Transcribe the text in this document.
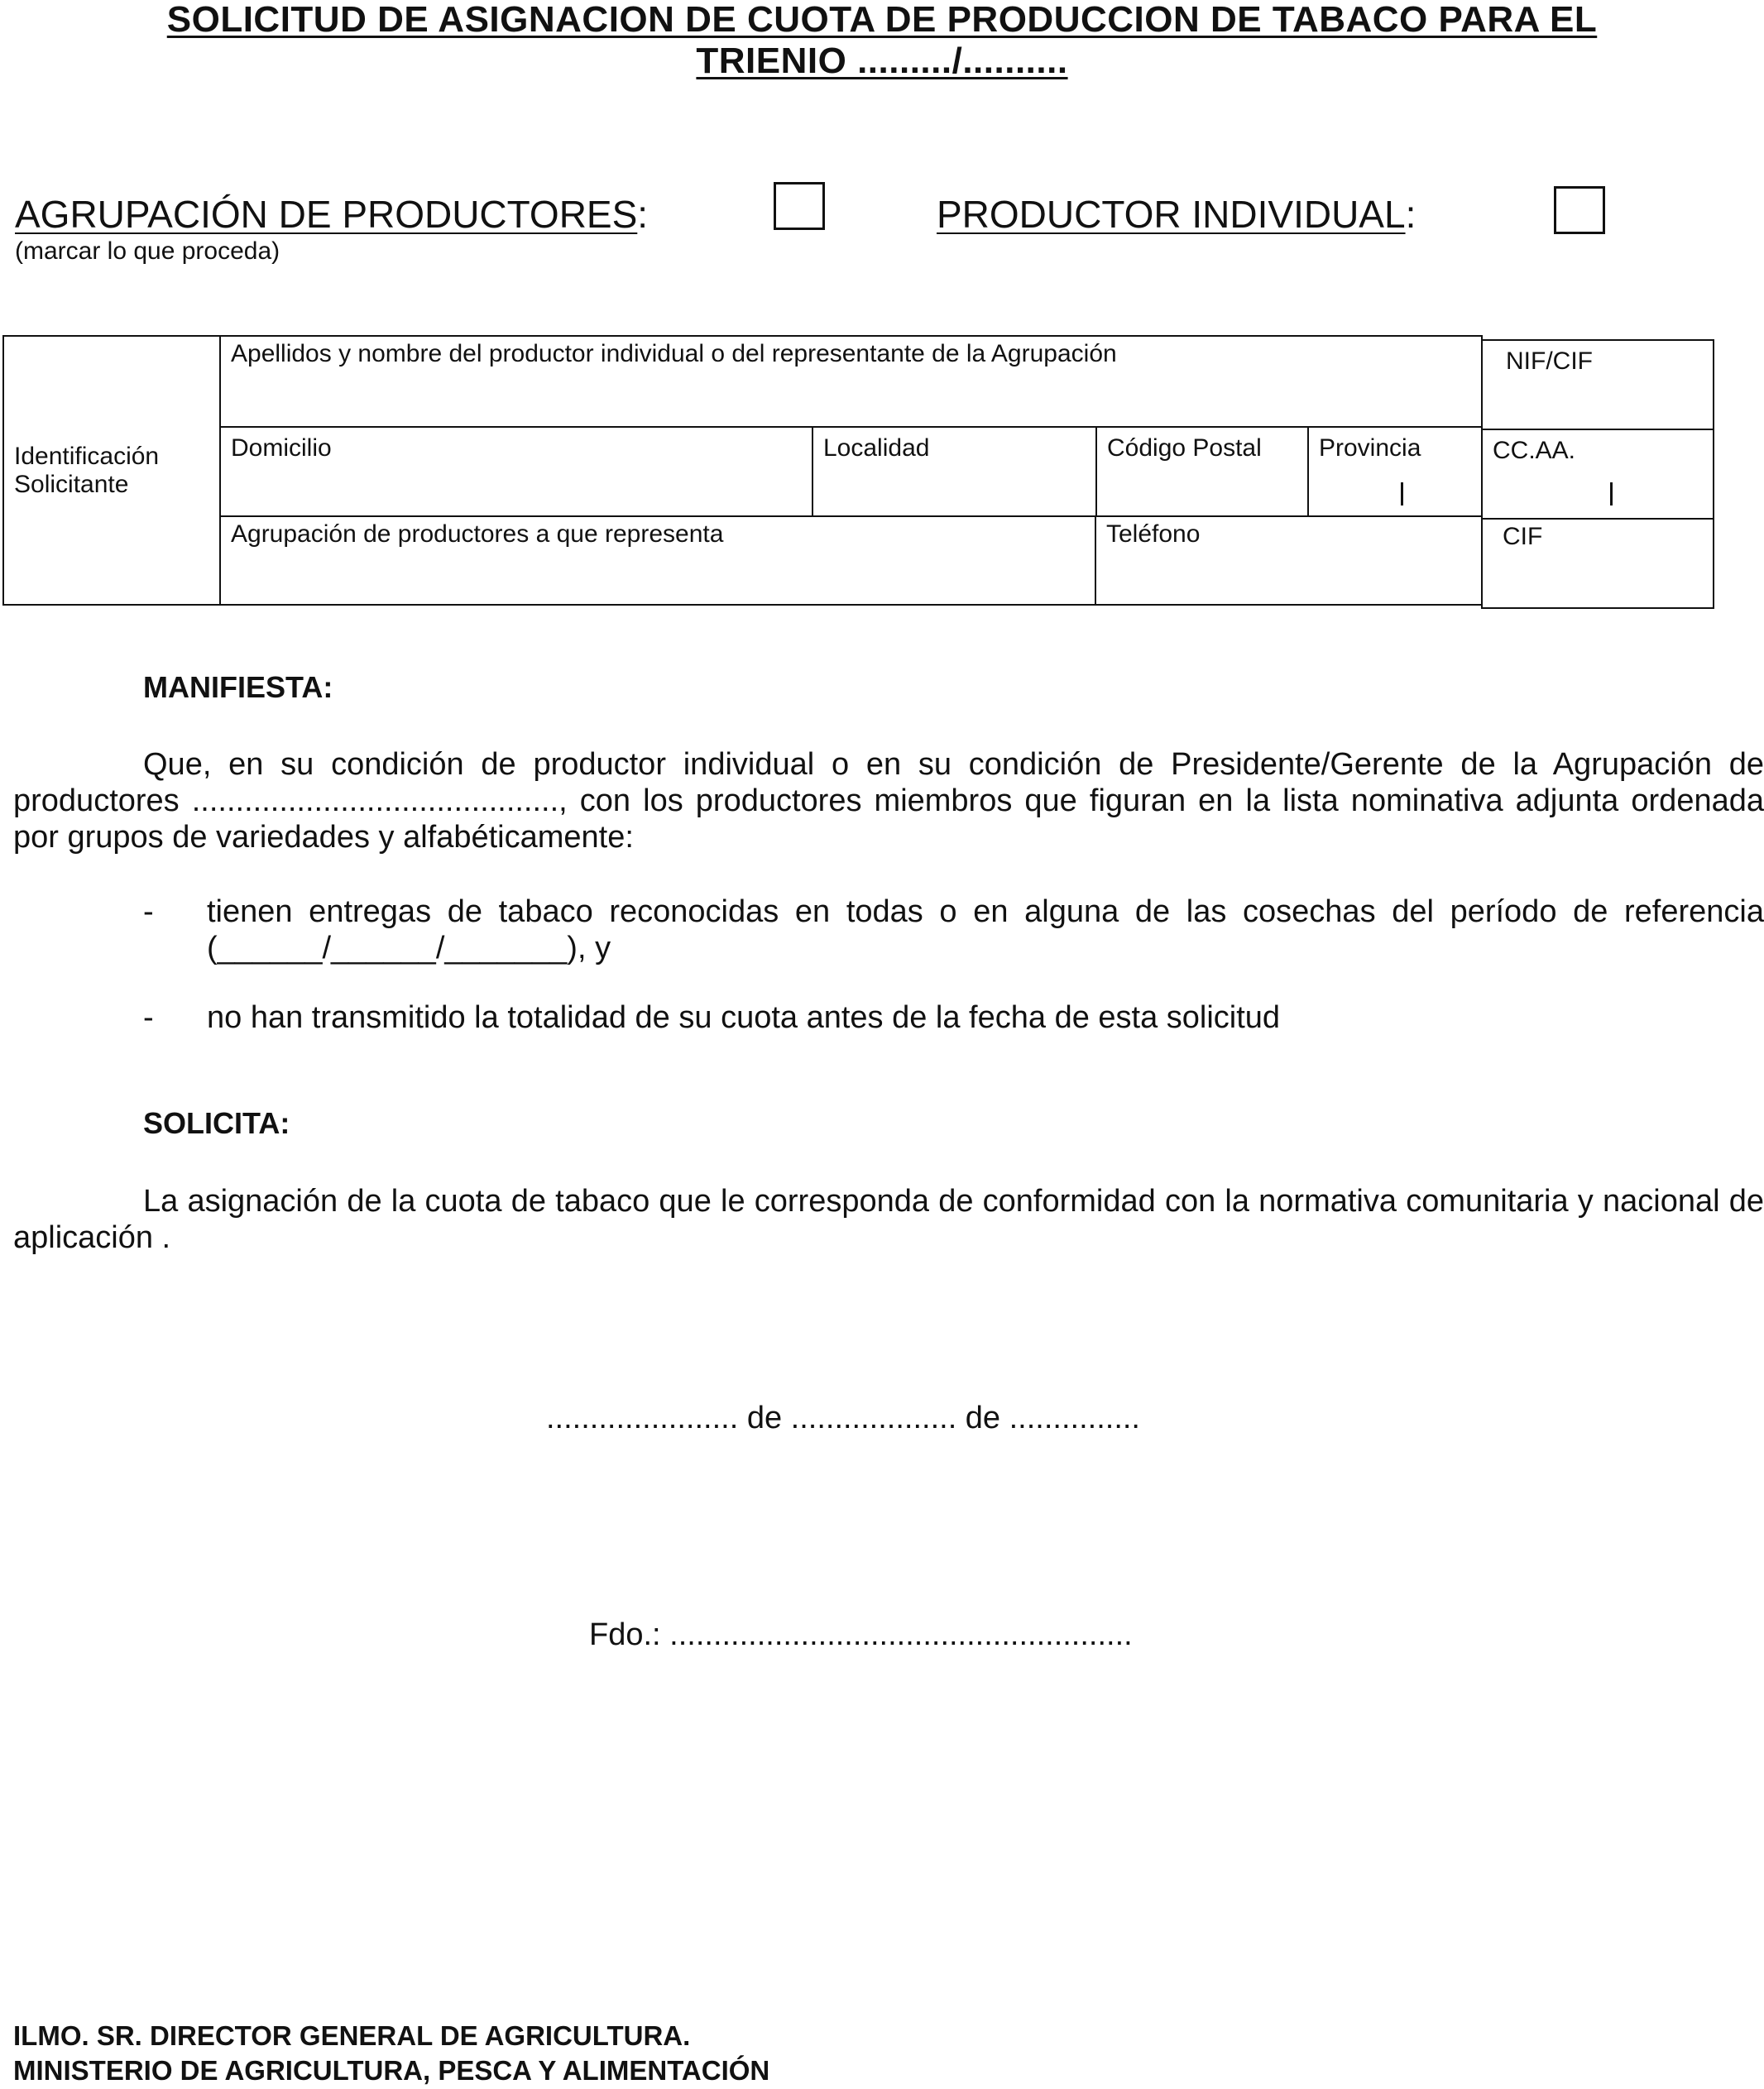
SOLICITUD DE ASIGNACION DE CUOTA DE PRODUCCION DE TABACO PARA EL
TRIENIO ........./..........
AGRUPACIÓN DE PRODUCTORES:	PRODUCTOR INDIVIDUAL:
(marcar lo que proceda)
Identificación
Solicitante
Apellidos y nombre del productor individual o del representante de la Agrupación	NIF/CIF
Domicilio	Localidad	Código Postal	Provincia	CC.AA.
Agrupación de productores a que representa	Teléfono	CIF
MANIFIESTA:
Que, en su condición de productor individual o en su condición de Presidente/Gerente de la Agrupación de productores .........................................., con los productores miembros que figuran en la lista nominativa adjunta ordenada por grupos de variedades y alfabéticamente:
- tienen entregas de tabaco reconocidas en todas o en alguna de las cosechas del período de referencia (______/______/_______), y
- no han transmitido la totalidad de su cuota antes de la fecha de esta solicitud
SOLICITA:
La asignación de la cuota de tabaco que le corresponda de conformidad con la normativa comunitaria y nacional de aplicación .
...................... de ................... de ...............
Fdo.: .....................................................
ILMO. SR. DIRECTOR GENERAL DE AGRICULTURA.
MINISTERIO DE AGRICULTURA, PESCA Y ALIMENTACIÓN
